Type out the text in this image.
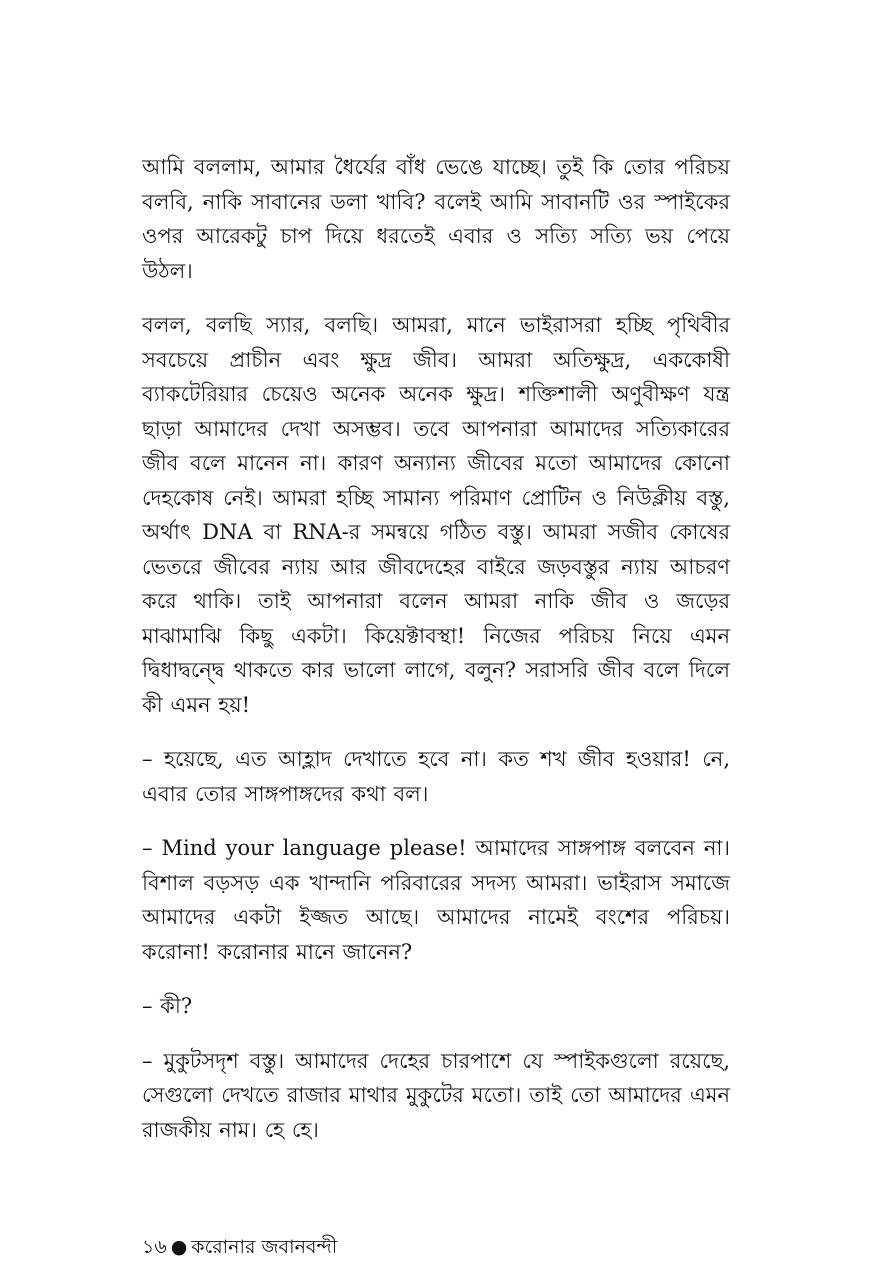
আমি বললাম, আমার ধৈর্যের বাঁধ ভেঙে যাচ্ছে। তুই কি তোর পরিচয় বলবি, নাকি সাবানের ডলা খাবি? বলেই আমি সাবানটি ওর স্পাইকের ওপর আরেকটু চাপ দিয়ে ধরতেই এবার ও সত্যি সত্যি ভয় পেয়ে উঠল।

বলল, বলছি স্যার, বলছি। আমরা, মানে ভাইরাসরা হচ্ছি পৃথিবীর সবচেয়ে প্রাচীন এবং ক্ষুদ্র জীব। আমরা অতিক্ষুদ্র, এককোষী ব্যাকটেরিয়ার চেয়েও অনেক অনেক ক্ষুদ্র। শক্তিশালী অণুবীক্ষণ যন্ত্র ছাড়া আমাদের দেখা অসম্ভব। তবে আপনারা আমাদের সত্যিকারের জীব বলে মানেন না। কারণ অন্যান্য জীবের মতো আমাদের কোনো দেহকোষ নেই। আমরা হচ্ছি সামান্য পরিমাণ প্রোটিন ও নিউক্লীয় বস্তু, অর্থাৎ DNA বা RNA-র সমন্বয়ে গঠিত বস্তু। আমরা সজীব কোষের ভেতরে জীবের ন্যায় আর জীবদেহের বাইরে জড়বস্তুর ন্যায় আচরণ করে থাকি। তাই আপনারা বলেন আমরা নাকি জীব ও জড়ের মাঝামাঝি কিছু একটা। কিয়েক্টাবস্থা! নিজের পরিচয় নিয়ে এমন দ্বিধাদ্বন্দ্বে থাকতে কার ভালো লাগে, বলুন? সরাসরি জীব বলে দিলে কী এমন হয়!

– হয়েছে, এত আহ্লাদ দেখাতে হবে না। কত শখ জীব হওয়ার! নে, এবার তোর সাঙ্গপাঙ্গদের কথা বল।

– Mind your language please! আমাদের সাঙ্গপাঙ্গ বলবেন না। বিশাল বড়সড় এক খান্দানি পরিবারের সদস্য আমরা। ভাইরাস সমাজে আমাদের একটা ইজ্জত আছে। আমাদের নামেই বংশের পরিচয়। করোনা! করোনার মানে জানেন?

– কী?

– মুকুটসদৃশ বস্তু। আমাদের দেহের চারপাশে যে স্পাইকগুলো রয়েছে, সেগুলো দেখতে রাজার মাথার মুকুটের মতো। তাই তো আমাদের এমন রাজকীয় নাম। হে হে।

১৬ ● করোনার জবানবন্দী
